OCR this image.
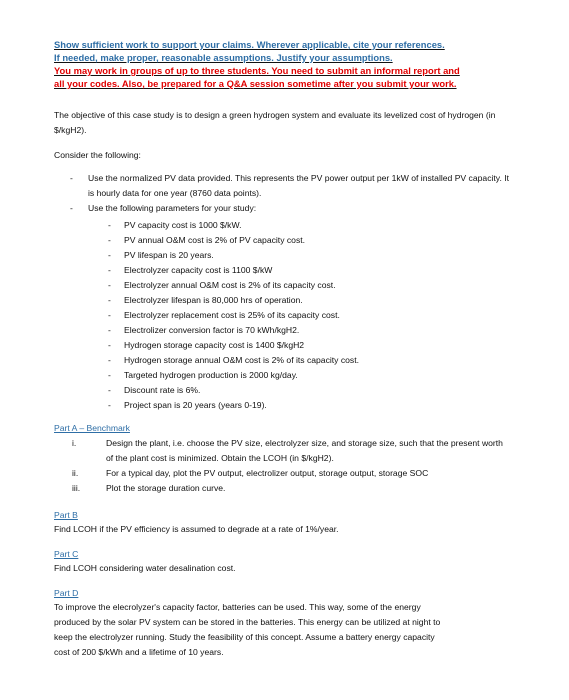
Show sufficient work to support your claims. Wherever applicable, cite your references.
If needed, make proper, reasonable assumptions. Justify your assumptions.
You may work in groups of up to three students. You need to submit an informal report and
all your codes. Also, be prepared for a Q&A session sometime after you submit your work.
The objective of this case study is to design a green hydrogen system and evaluate its levelized cost of hydrogen (in $/kgH2).
Consider the following:
- Use the normalized PV data provided. This represents the PV power output per 1kW of installed PV capacity. It is hourly data for one year (8760 data points).
- Use the following parameters for your study:
- PV capacity cost is 1000 $/kW.
- PV annual O&M cost is 2% of PV capacity cost.
- PV lifespan is 20 years.
- Electrolyzer capacity cost is 1100 $/kW
- Electrolyzer annual O&M cost is 2% of its capacity cost.
- Electrolyzer lifespan is 80,000 hrs of operation.
- Electrolyzer replacement cost is 25% of its capacity cost.
- Electrolizer conversion factor is 70 kWh/kgH2.
- Hydrogen storage capacity cost is 1400 $/kgH2
- Hydrogen storage annual O&M cost is 2% of its capacity cost.
- Targeted hydrogen production is 2000 kg/day.
- Discount rate is 6%.
- Project span is 20 years (years 0-19).
Part A – Benchmark
i.	Design the plant, i.e. choose the PV size, electrolyzer size, and storage size, such that the present worth of the plant cost is minimized. Obtain the LCOH (in $/kgH2).
ii.	For a typical day, plot the PV output, electrolizer output, storage output, storage SOC
iii.	Plot the storage duration curve.
Part B
Find LCOH if the PV efficiency is assumed to degrade at a rate of 1%/year.
Part C
Find LCOH considering water desalination cost.
Part D
To improve the elecrolyzer's capacity factor, batteries can be used. This way, some of the energy
produced by the solar PV system can be stored in the batteries. This energy can be utilized at night to
keep the electrolyzer running. Study the feasibility of this concept. Assume a battery energy capacity
cost of 200 $/kWh and a lifetime of 10 years.
